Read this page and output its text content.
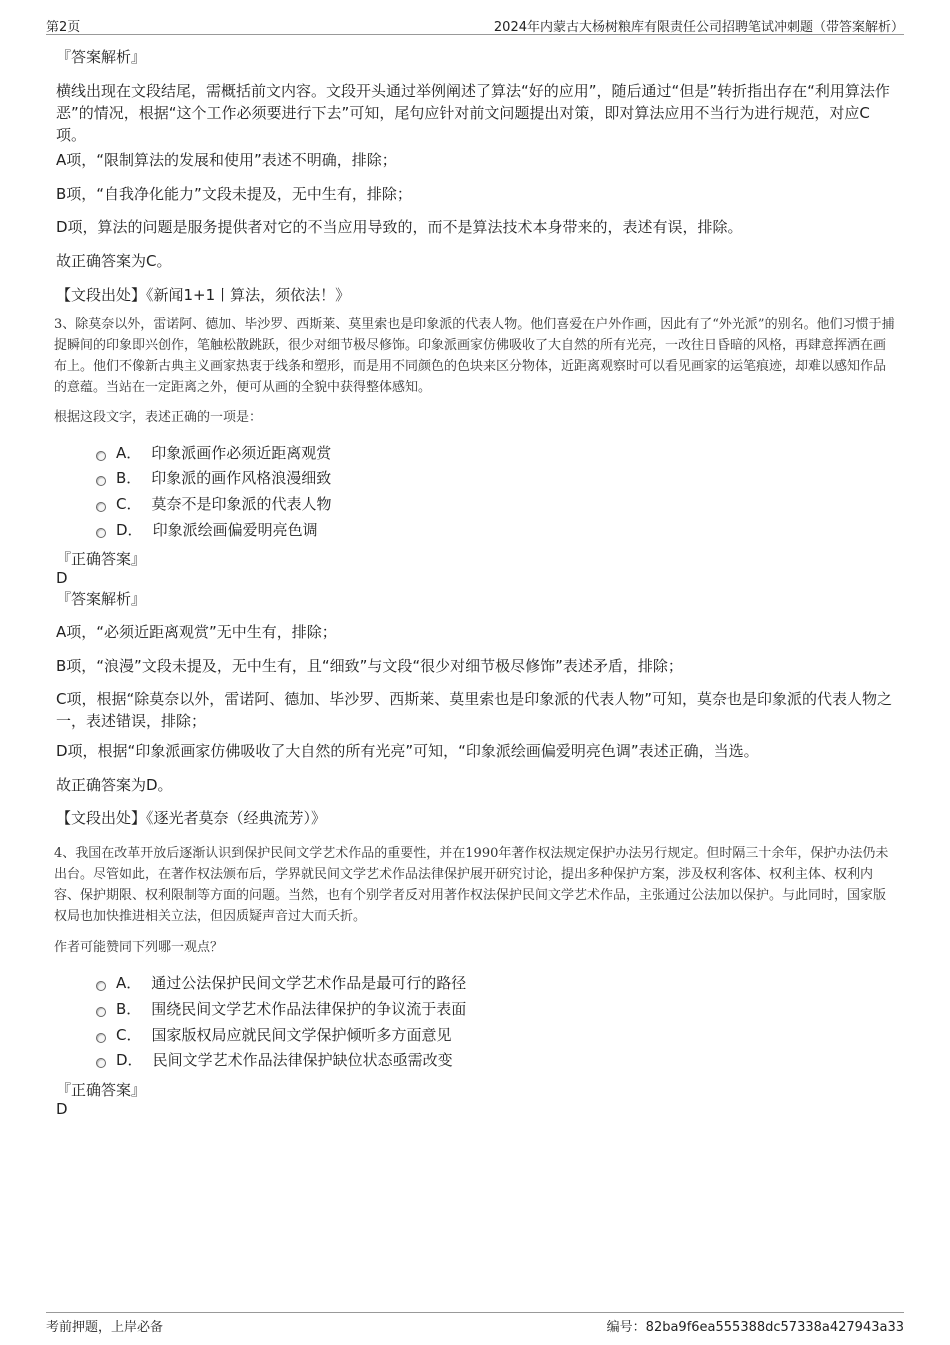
第2页	2024年内蒙古大杨树粮库有限责任公司招聘笔试冲刺题（带答案解析）
『答案解析』
横线出现在文段结尾，需概括前文内容。文段开头通过举例阐述了算法“好的应用”，随后通过“但是”转折指出存在“利用算法作恶”的情况，根据“这个工作必须要进行下去”可知，尾句应针对前文问题提出对策，即对算法应用不当行为进行规范，对应C项。
A项，“限制算法的发展和使用”表述不明确，排除；
B项，“自我净化能力”文段未提及，无中生有，排除；
D项，算法的问题是服务提供者对它的不当应用导致的，而不是算法技术本身带来的，表述有误，排除。
故正确答案为C。
【文段出处】《新闻1+1丨算法，须依法！》
3、除莫奈以外，雷诺阿、德加、毕沙罗、西斯莱、莫里索也是印象派的代表人物。他们喜爱在户外作画，因此有了“外光派”的别名。他们习惯于捕捉瞬间的印象即兴创作，笔触松散跳跃，很少对细节极尽修饰。印象派画家仿佛吸收了大自然的所有光亮，一改往日昏暗的风格，再肆意挥洒在画布上。他们不像新古典主义画家热衷于线条和塑形，而是用不同颜色的色块来区分物体，近距离观察时可以看见画家的运笔痕迹，却难以感知作品的意蕴。当站在一定距离之外，便可从画的全貌中获得整体感知。
根据这段文字，表述正确的一项是：
A． 印象派画作必须近距离观赏
B． 印象派的画作风格浪漫细致
C． 莫奈不是印象派的代表人物
D． 印象派绘画偏爱明亮色调
『正确答案』
D
『答案解析』
A项，“必须近距离观赏”无中生有，排除；
B项，“浪漫”文段未提及，无中生有，且“细致”与文段“很少对细节极尽修饰”表述矛盾，排除；
C项，根据“除莫奈以外，雷诺阿、德加、毕沙罗、西斯莱、莫里索也是印象派的代表人物”可知，莫奈也是印象派的代表人物之一，表述错误，排除；
D项，根据“印象派画家仿佛吸收了大自然的所有光亮”可知，“印象派绘画偏爱明亮色调”表述正确，当选。
故正确答案为D。
【文段出处】《逐光者莫奈（经典流芳）》
4、我国在改革开放后逐渐认识到保护民间文学艺术作品的重要性，并在1990年著作权法规定保护办法另行规定。但时隔三十余年，保护办法仍未出台。尽管如此，在著作权法颁布后，学界就民间文学艺术作品法律保护展开研究讨论，提出多种保护方案，涉及权利客体、权利主体、权利内容、保护期限、权利限制等方面的问题。当然，也有个别学者反对用著作权法保护民间文学艺术作品，主张通过公法加以保护。与此同时，国家版权局也加快推进相关立法，但因质疑声音过大而夭折。
作者可能赞同下列哪一观点？
A． 通过公法保护民间文学艺术作品是最可行的路径
B． 围绕民间文学艺术作品法律保护的争议流于表面
C． 国家版权局应就民间文学保护倾听多方面意见
D． 民间文学艺术作品法律保护缺位状态亟需改变
『正确答案』
D
考前押题，上岸必备	编号：82ba9f6ea555388dc57338a427943a33
